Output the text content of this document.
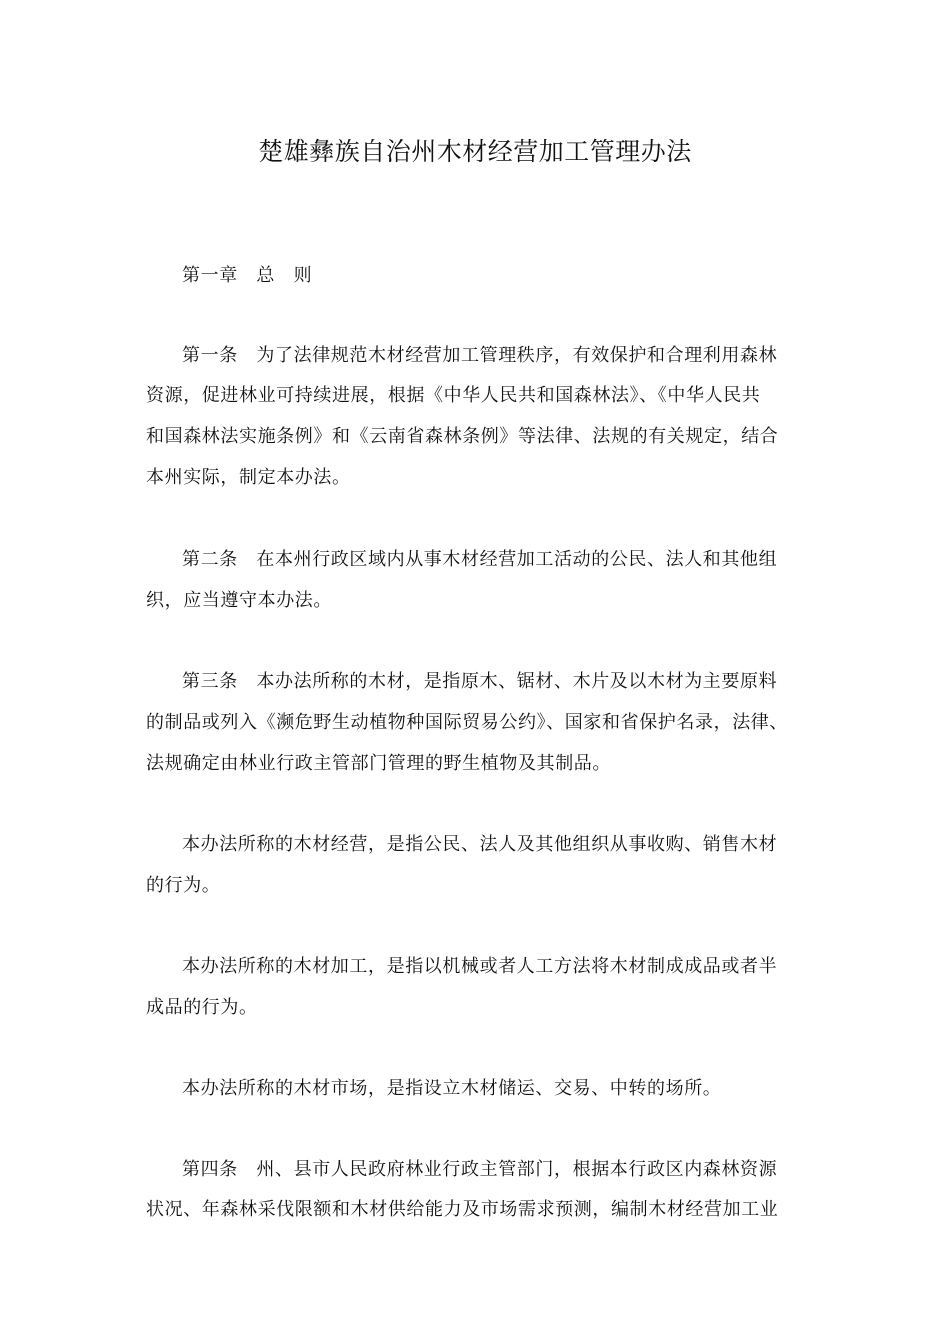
楚雄彝族自治州木材经营加工管理办法
第一章　总　则
第一条　为了法律规范木材经营加工管理秩序，有效保护和合理利用森林
资源，促进林业可持续进展，根据《中华人民共和国森林法》、《中华人民共
和国森林法实施条例》和《云南省森林条例》等法律、法规的有关规定，结合
本州实际，制定本办法。
第二条　在本州行政区域内从事木材经营加工活动的公民、法人和其他组
织，应当遵守本办法。
第三条　本办法所称的木材，是指原木、锯材、木片及以木材为主要原料
的制品或列入《濒危野生动植物种国际贸易公约》、国家和省保护名录，法律、
法规确定由林业行政主管部门管理的野生植物及其制品。
本办法所称的木材经营，是指公民、法人及其他组织从事收购、销售木材
的行为。
本办法所称的木材加工，是指以机械或者人工方法将木材制成成品或者半
成品的行为。
本办法所称的木材市场，是指设立木材储运、交易、中转的场所。
第四条　州、县市人民政府林业行政主管部门，根据本行政区内森林资源
状况、年森林采伐限额和木材供给能力及市场需求预测，编制木材经营加工业
